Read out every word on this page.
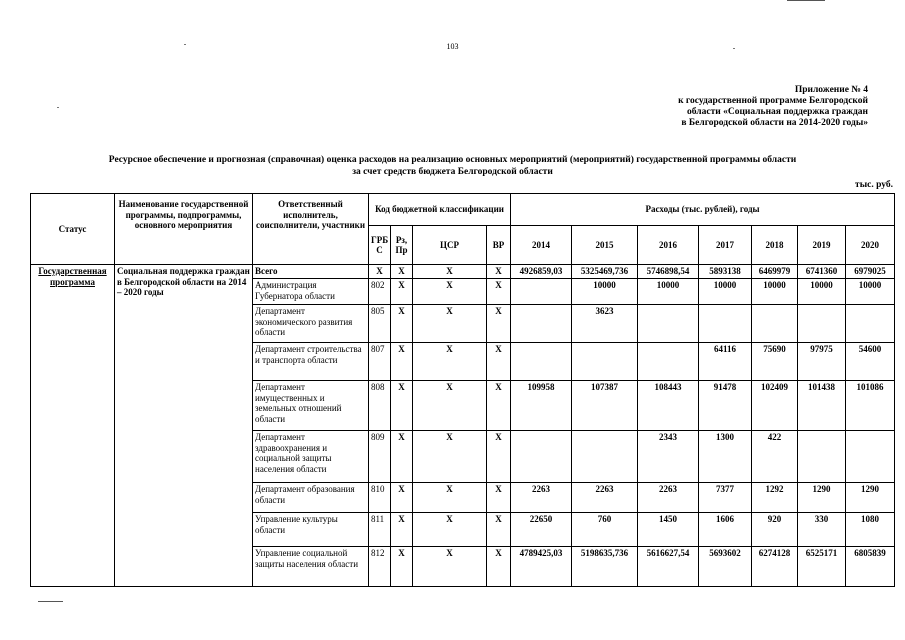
103
Приложение № 4
к государственной программе Белгородской
области «Социальная поддержка граждан
в Белгородской области на 2014-2020 годы»
Ресурсное обеспечение и прогнозная (справочная) оценка расходов на реализацию основных мероприятий (мероприятий) государственной программы области
за счет средств бюджета Белгородской области
тыс. руб.
Статус	Наименование государственной программы, подпрограммы, основного мероприятия	Ответственный исполнитель, соисполнители, участники	Код бюджетной классификации				Расходы (тыс. рублей), годы						
			ГРБ С	Рз, Пр	ЦСР	ВР	2014	2015	2016	2017	2018	2019	2020
Государственная программа	Социальная поддержка граждан в Белгородской области на 2014 – 2020 годы	Всего	X	X	X	X	4926859,03	5325469,736	5746898,54	5893138	6469979	6741360	6979025
		Администрация Губернатора области	802	X	X	X		10000	10000	10000	10000	10000	10000
		Департамент экономического развития области	805	X	X	X		3623					
		Департамент строительства и транспорта области	807	X	X	X				64116	75690	97975	54600
		Департамент имущественных и земельных отношений области	808	X	X	X	109958	107387	108443	91478	102409	101438	101086
		Департамент здравоохранения и социальной защиты населения области	809	X	X	X			2343	1300	422		
		Департамент образования области	810	X	X	X	2263	2263	2263	7377	1292	1290	1290
		Управление культуры области	811	X	X	X	22650	760	1450	1606	920	330	1080
		Управление социальной защиты населения области	812	X	X	X	4789425,03	5198635,736	5616627,54	5693602	6274128	6525171	6805839
